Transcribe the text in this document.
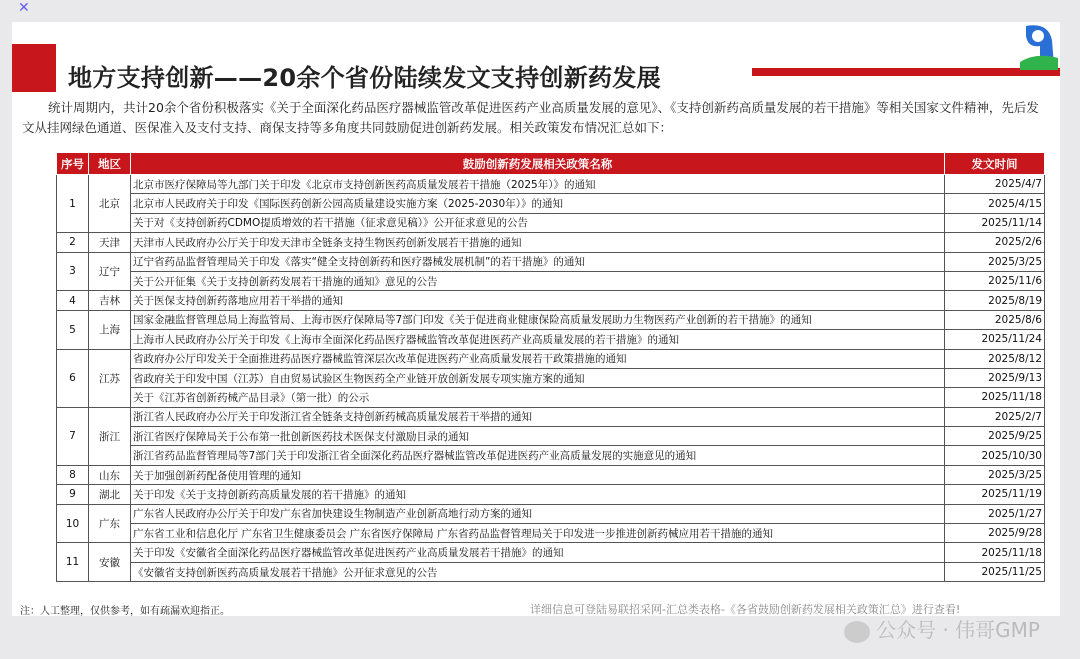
✕
地方支持创新——20余个省份陆续发文支持创新药发展
统计周期内，共计20余个省份积极落实《关于全面深化药品医疗器械监管改革促进医药产业高质量发展的意见》、《支持创新药高质量发展的若干措施》等相关国家文件精神，先后发文从挂网绿色通道、医保准入及支付支持、商保支持等多角度共同鼓励促进创新药发展。相关政策发布情况汇总如下：
序号	地区	鼓励创新药发展相关政策名称	发文时间
1	北京	北京市医疗保障局等九部门关于印发《北京市支持创新医药高质量发展若干措施（2025年）》的通知	2025/4/7
		北京市人民政府关于印发《国际医药创新公园高质量建设实施方案（2025-2030年）》的通知	2025/4/15
		关于对《支持创新药CDMO提质增效的若干措施（征求意见稿）》公开征求意见的公告	2025/11/14
2	天津	天津市人民政府办公厅关于印发天津市全链条支持生物医药创新发展若干措施的通知	2025/2/6
3	辽宁	辽宁省药品监督管理局关于印发《落实“健全支持创新药和医疗器械发展机制”的若干措施》的通知	2025/3/25
		关于公开征集《关于支持创新药发展若干措施的通知》意见的公告	2025/11/6
4	吉林	关于医保支持创新药落地应用若干举措的通知	2025/8/19
5	上海	国家金融监督管理总局上海监管局、上海市医疗保障局等7部门印发《关于促进商业健康保险高质量发展助力生物医药产业创新的若干措施》的通知	2025/8/6
		上海市人民政府办公厅关于印发《上海市全面深化药品医疗器械监管改革促进医药产业高质量发展的若干措施》的通知	2025/11/24
6	江苏	省政府办公厅印发关于全面推进药品医疗器械监管深层次改革促进医药产业高质量发展若干政策措施的通知	2025/8/12
		省政府关于印发中国（江苏）自由贸易试验区生物医药全产业链开放创新发展专项实施方案的通知	2025/9/13
		关于《江苏省创新药械产品目录》（第一批）的公示	2025/11/18
7	浙江	浙江省人民政府办公厅关于印发浙江省全链条支持创新药械高质量发展若干举措的通知	2025/2/7
		浙江省医疗保障局关于公布第一批创新医药技术医保支付激励目录的通知	2025/9/25
		浙江省药品监督管理局等7部门关于印发浙江省全面深化药品医疗器械监管改革促进医药产业高质量发展的实施意见的通知	2025/10/30
8	山东	关于加强创新药配备使用管理的通知	2025/3/25
9	湖北	关于印发《关于支持创新药高质量发展的若干措施》的通知	2025/11/19
10	广东	广东省人民政府办公厅关于印发广东省加快建设生物制造产业创新高地行动方案的通知	2025/1/27
		广东省工业和信息化厅 广东省卫生健康委员会 广东省医疗保障局 广东省药品监督管理局关于印发进一步推进创新药械应用若干措施的通知	2025/9/28
11	安徽	关于印发《安徽省全面深化药品医疗器械监管改革促进医药产业高质量发展若干措施》的通知	2025/11/18
		《安徽省支持创新医药高质量发展若干措施》公开征求意见的公告	2025/11/25
注：人工整理，仅供参考，如有疏漏欢迎指正。	详细信息可登陆易联招采网-汇总类表格-《各省鼓励创新药发展相关政策汇总》进行查看!
公众号 · 伟哥GMP
